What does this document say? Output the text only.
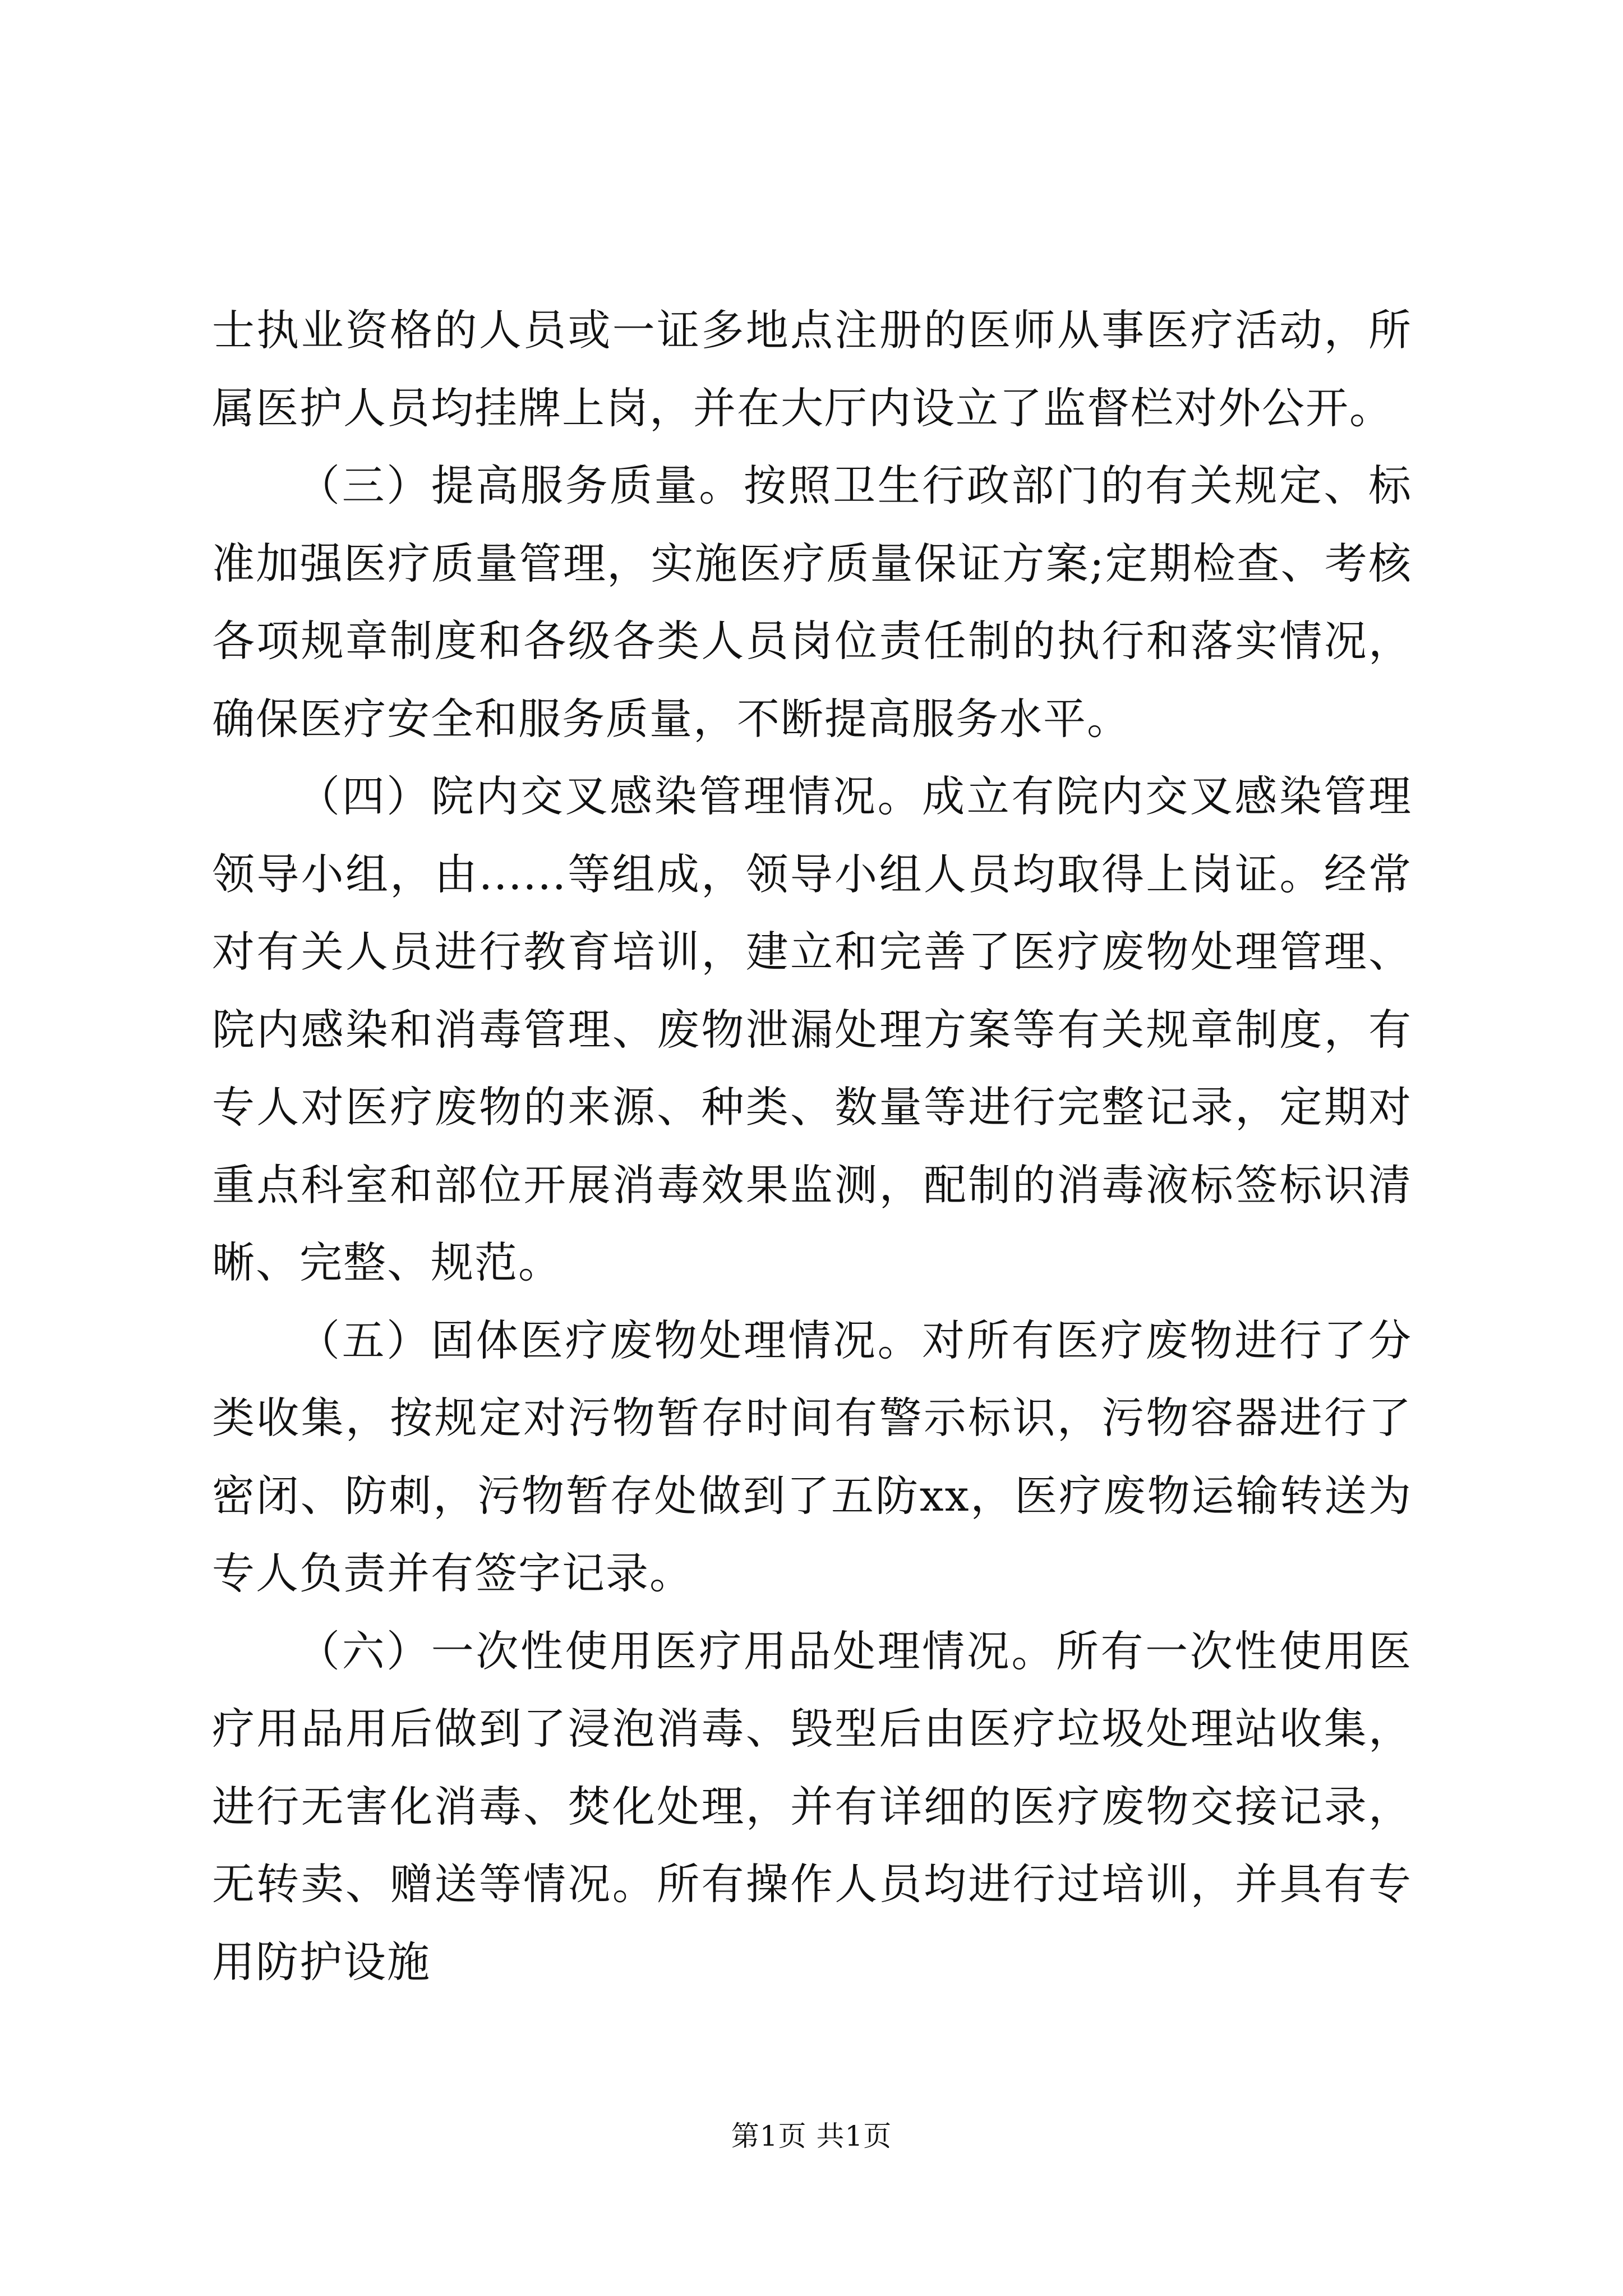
士执业资格的人员或一证多地点注册的医师从事医疗活动，所属医护人员均挂牌上岗，并在大厅内设立了监督栏对外公开。

（三）提高服务质量。按照卫生行政部门的有关规定、标准加强医疗质量管理，实施医疗质量保证方案;定期检查、考核各项规章制度和各级各类人员岗位责任制的执行和落实情况，确保医疗安全和服务质量，不断提高服务水平。

（四）院内交叉感染管理情况。成立有院内交叉感染管理领导小组，由......等组成，领导小组人员均取得上岗证。经常对有关人员进行教育培训，建立和完善了医疗废物处理管理、院内感染和消毒管理、废物泄漏处理方案等有关规章制度，有专人对医疗废物的来源、种类、数量等进行完整记录，定期对重点科室和部位开展消毒效果监测，配制的消毒液标签标识清晰、完整、规范。

（五）固体医疗废物处理情况。对所有医疗废物进行了分类收集，按规定对污物暂存时间有警示标识，污物容器进行了密闭、防刺，污物暂存处做到了五防xx，医疗废物运输转送为专人负责并有签字记录。

（六）一次性使用医疗用品处理情况。所有一次性使用医疗用品用后做到了浸泡消毒、毁型后由医疗垃圾处理站收集，进行无害化消毒、焚化处理，并有详细的医疗废物交接记录，无转卖、赠送等情况。所有操作人员均进行过培训，并具有专用防护设施

第1页 共1页
